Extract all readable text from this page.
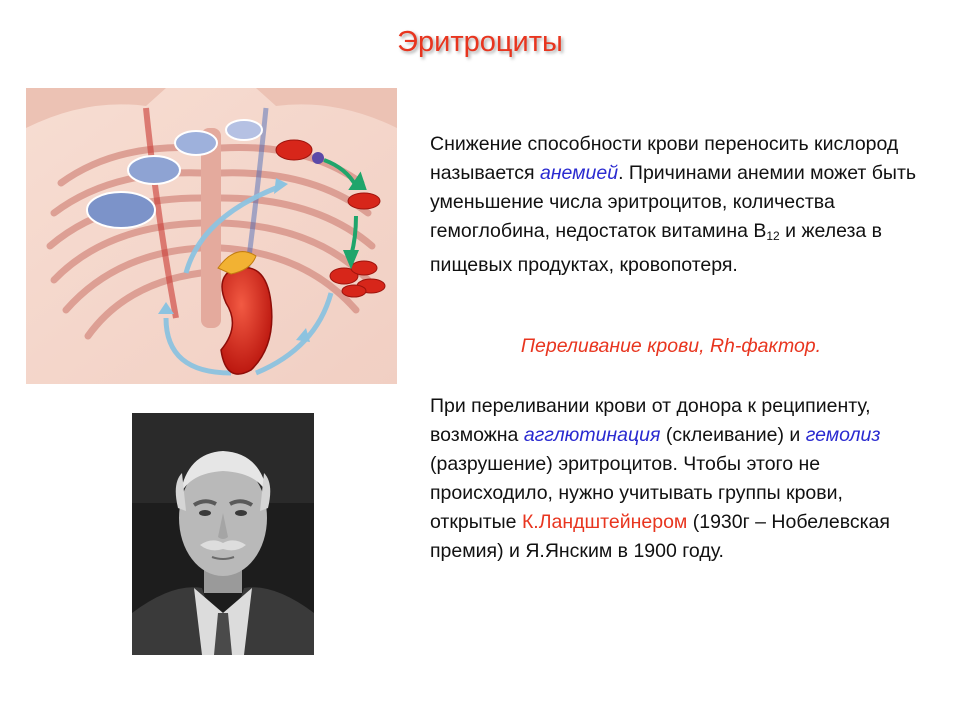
Эритроциты

Снижение способности крови переносить кислород называется анемией. Причинами анемии может быть уменьшение числа эритроцитов, количества гемоглобина, недостаток витамина $В_{12}$ и железа в пищевых продуктах, кровопотеря.

Переливание крови, Rh-фактор.

При переливании крови от донора к реципиенту, возможна агглютинация (склеивание) и гемолиз (разрушение) эритроцитов. Чтобы этого не происходило, нужно учитывать группы крови, открытые К.Ландштейнером (1930г – Нобелевская премия) и Я.Янским в 1900 году.
